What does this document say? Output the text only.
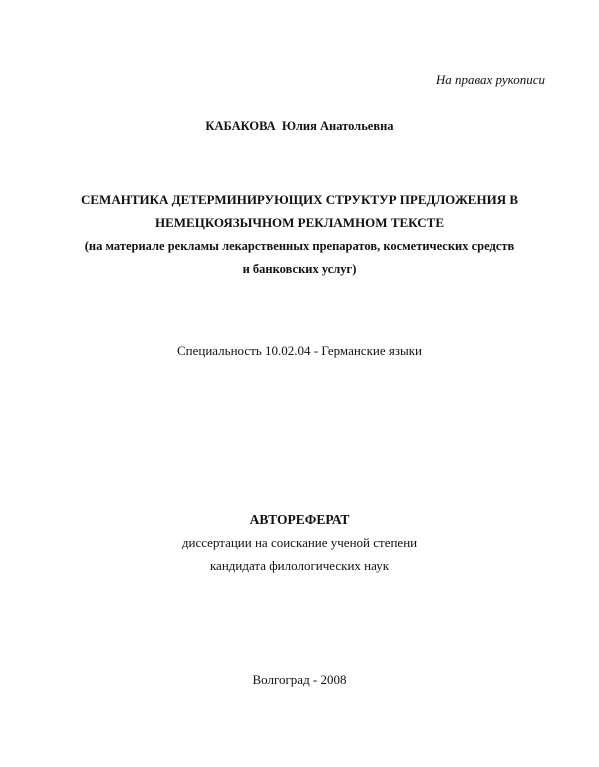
На правах рукописи
КАБАКОВА Юлия Анатольевна
СЕМАНТИКА ДЕТЕРМИНИРУЮЩИХ СТРУКТУР ПРЕДЛОЖЕНИЯ В
НЕМЕЦКОЯЗЫЧНОМ РЕКЛАМНОМ ТЕКСТЕ
(на материале рекламы лекарственных препаратов, косметических средств
и банковских услуг)
Специальность 10.02.04 - Германские языки
АВТОРЕФЕРАТ
диссертации на соискание ученой степени
кандидата филологических наук
Волгоград - 2008
